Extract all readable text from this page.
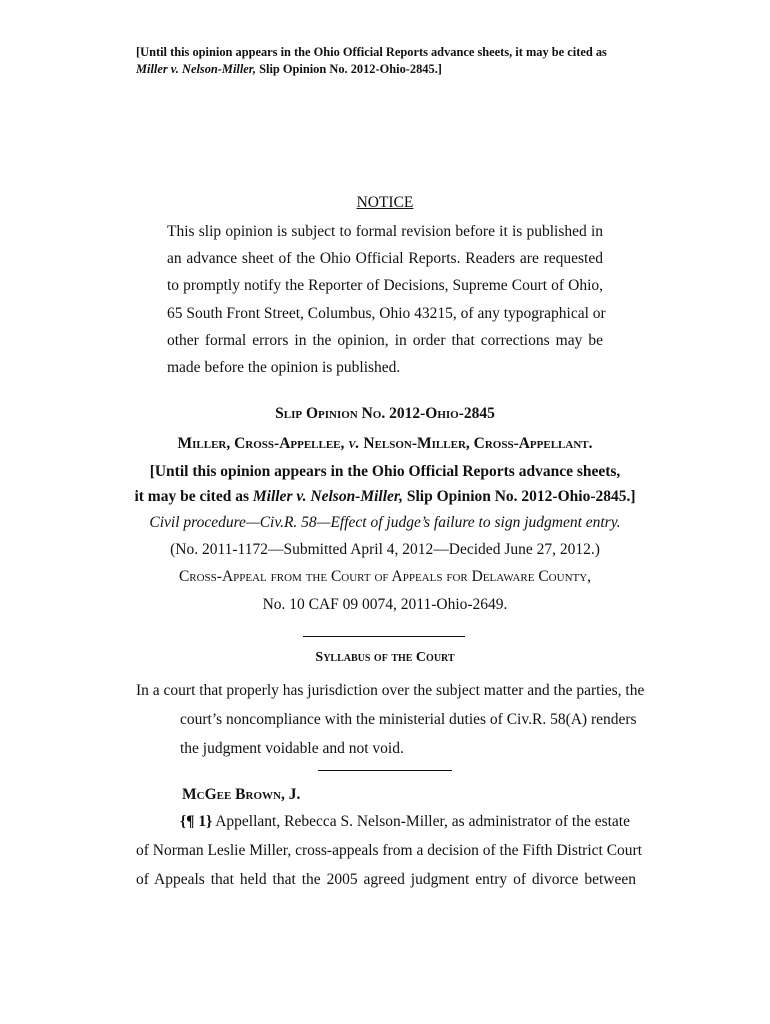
[Until this opinion appears in the Ohio Official Reports advance sheets, it may be cited as
Miller v. Nelson-Miller, Slip Opinion No. 2012-Ohio-2845.]
NOTICE
This slip opinion is subject to formal revision before it is published in
an advance sheet of the Ohio Official Reports. Readers are requested
to promptly notify the Reporter of Decisions, Supreme Court of Ohio,
65 South Front Street, Columbus, Ohio 43215, of any typographical or
other formal errors in the opinion, in order that corrections may be
made before the opinion is published.
Slip Opinion No. 2012-Ohio-2845
Miller, Cross-Appellee, v. Nelson-Miller, Cross-Appellant.
[Until this opinion appears in the Ohio Official Reports advance sheets,
it may be cited as Miller v. Nelson-Miller, Slip Opinion No. 2012-Ohio-2845.]
Civil procedure—Civ.R. 58—Effect of judge’s failure to sign judgment entry.
(No. 2011-1172—Submitted April 4, 2012—Decided June 27, 2012.)
Cross-Appeal from the Court of Appeals for Delaware County,
No. 10 CAF 09 0074, 2011-Ohio-2649.
Syllabus of the Court
In a court that properly has jurisdiction over the subject matter and the parties, the
court’s noncompliance with the ministerial duties of Civ.R. 58(A) renders
the judgment voidable and not void.
McGee Brown, J.
{¶ 1} Appellant, Rebecca S. Nelson-Miller, as administrator of the estate
of Norman Leslie Miller, cross-appeals from a decision of the Fifth District Court
of Appeals that held that the 2005 agreed judgment entry of divorce between
